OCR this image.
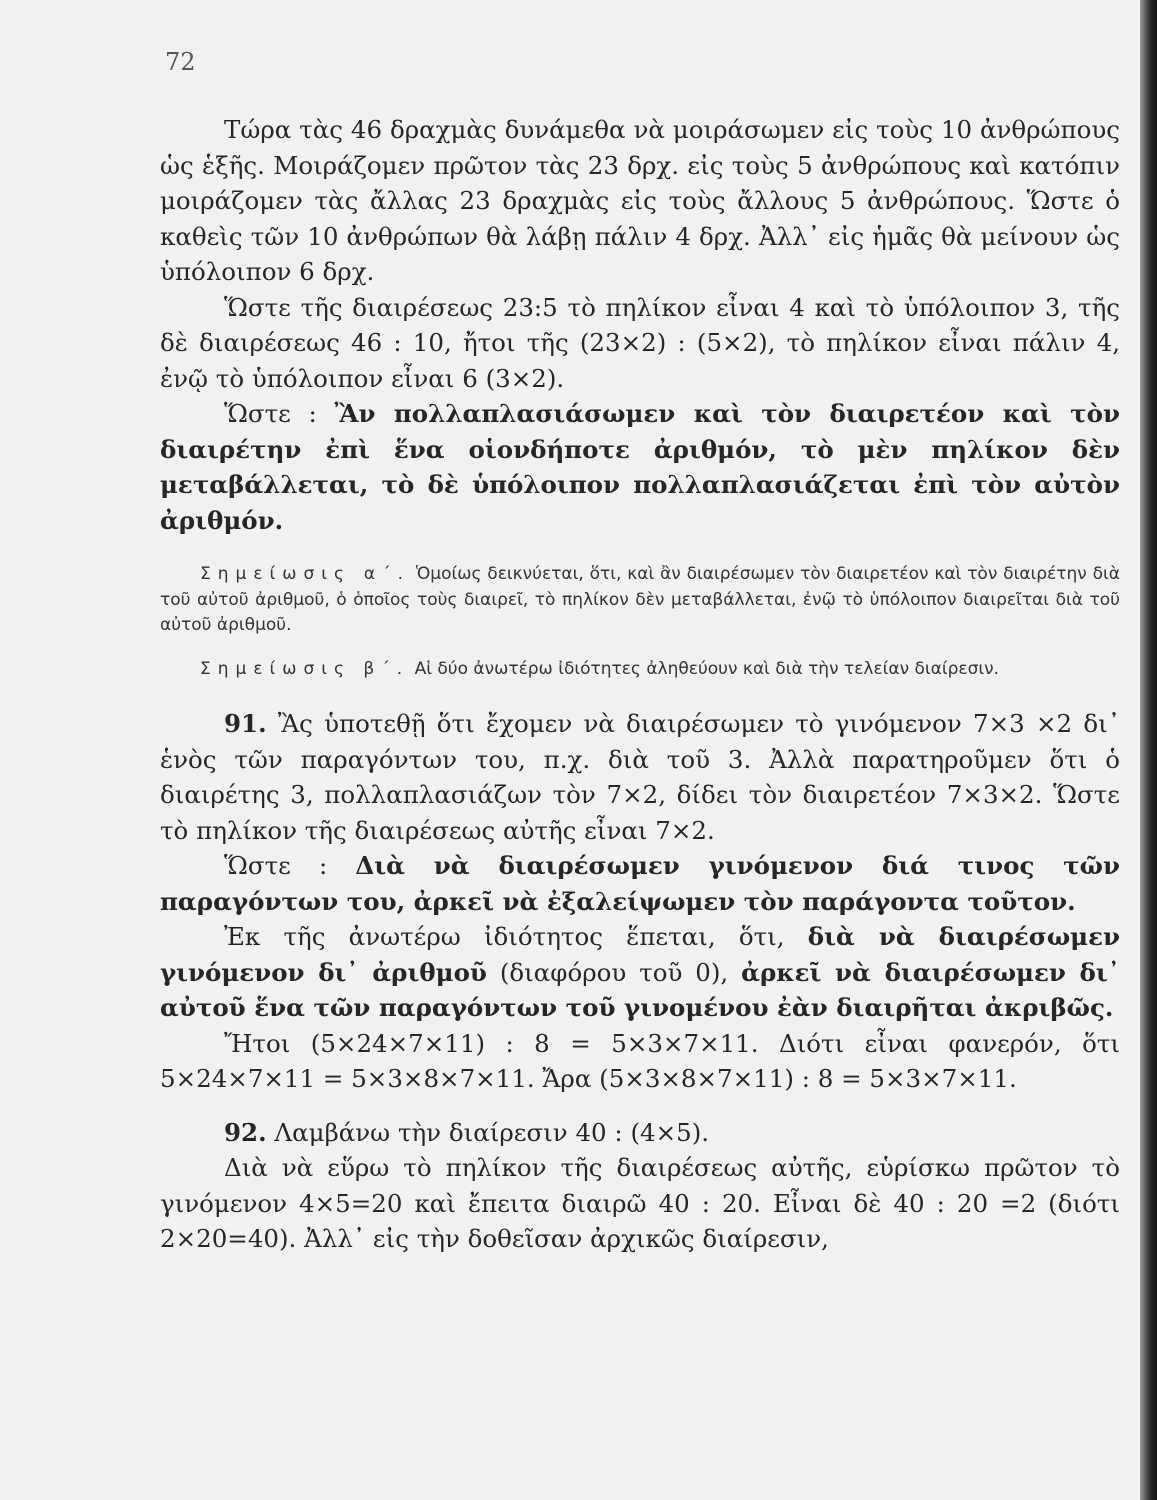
72

Τώρα τὰς 46 δραχμὰς δυνάμεθα νὰ μοιράσωμεν εἰς τοὺς 10 ἀνθρώπους ὡς ἑξῆς. Μοιράζομεν πρῶτον τὰς 23 δρχ. εἰς τοὺς 5 ἀνθρώπους καὶ κατόπιν μοιράζομεν τὰς ἄλλας 23 δραχμὰς εἰς τοὺς ἄλλους 5 ἀνθρώπους. Ὥστε ὁ καθεὶς τῶν 10 ἀνθρώπων θὰ λάβῃ πάλιν 4 δρχ. Ἀλλ᾽ εἰς ἡμᾶς θὰ μείνουν ὡς ὑπόλοιπον 6 δρχ.

Ὥστε τῆς διαιρέσεως 23:5 τὸ πηλίκον εἶναι 4 καὶ τὸ ὑπόλοιπον 3, τῆς δὲ διαιρέσεως 46 : 10, ἤτοι τῆς (23×2) : (5×2), τὸ πηλίκον εἶναι πάλιν 4, ἐνῷ τὸ ὑπόλοιπον εἶναι 6 (3×2).

Ὥστε : Ἂν πολλαπλασιάσωμεν καὶ τὸν διαιρετέον καὶ τὸν διαιρέτην ἐπὶ ἕνα οἱονδήποτε ἀριθμόν, τὸ μὲν πηλίκον δὲν μεταβάλλεται, τὸ δὲ ὑπόλοιπον πολλαπλασιάζεται ἐπὶ τὸν αὐτὸν ἀριθμόν.

Σημείωσις α΄. Ὁμοίως δεικνύεται, ὅτι, καὶ ἂν διαιρέσωμεν τὸν διαιρετέον καὶ τὸν διαιρέτην διὰ τοῦ αὐτοῦ ἀριθμοῦ, ὁ ὁποῖος τοὺς διαιρεῖ, τὸ πηλίκον δὲν μεταβάλλεται, ἐνῷ τὸ ὑπόλοιπον διαιρεῖται διὰ τοῦ αὐτοῦ ἀριθμοῦ.

Σημείωσις β΄. Αἱ δύο ἀνωτέρω ἰδιότητες ἀληθεύουν καὶ διὰ τὴν τελείαν διαίρεσιν.

91. Ἂς ὑποτεθῇ ὅτι ἔχομεν νὰ διαιρέσωμεν τὸ γινόμενον 7×3 ×2 δι᾽ ἑνὸς τῶν παραγόντων του, π.χ. διὰ τοῦ 3. Ἀλλὰ παρατηροῦμεν ὅτι ὁ διαιρέτης 3, πολλαπλασιάζων τὸν 7×2, δίδει τὸν διαιρετέον 7×3×2. Ὥστε τὸ πηλίκον τῆς διαιρέσεως αὐτῆς εἶναι 7×2.

Ὥστε : Διὰ νὰ διαιρέσωμεν γινόμενον διά τινος τῶν παραγόντων του, ἀρκεῖ νὰ ἐξαλείψωμεν τὸν παράγοντα τοῦτον.

Ἐκ τῆς ἀνωτέρω ἰδιότητος ἕπεται, ὅτι, διὰ νὰ διαιρέσωμεν γινόμενον δι᾽ ἀριθμοῦ (διαφόρου τοῦ 0), ἀρκεῖ νὰ διαιρέσωμεν δι᾽ αὐτοῦ ἕνα τῶν παραγόντων τοῦ γινομένου ἐὰν διαιρῆται ἀκριβῶς.

Ἤτοι (5×24×7×11) : 8 = 5×3×7×11. Διότι εἶναι φανερόν, ὅτι 5×24×7×11 = 5×3×8×7×11. Ἄρα (5×3×8×7×11) : 8 = 5×3×7×11.

92. Λαμβάνω τὴν διαίρεσιν 40 : (4×5).

Διὰ νὰ εὕρω τὸ πηλίκον τῆς διαιρέσεως αὐτῆς, εὑρίσκω πρῶτον τὸ γινόμενον 4×5=20 καὶ ἔπειτα διαιρῶ 40 : 20. Εἶναι δὲ 40 : 20 =2 (διότι 2×20=40). Ἀλλ᾽ εἰς τὴν δοθεῖσαν ἀρχικῶς διαίρεσιν,
